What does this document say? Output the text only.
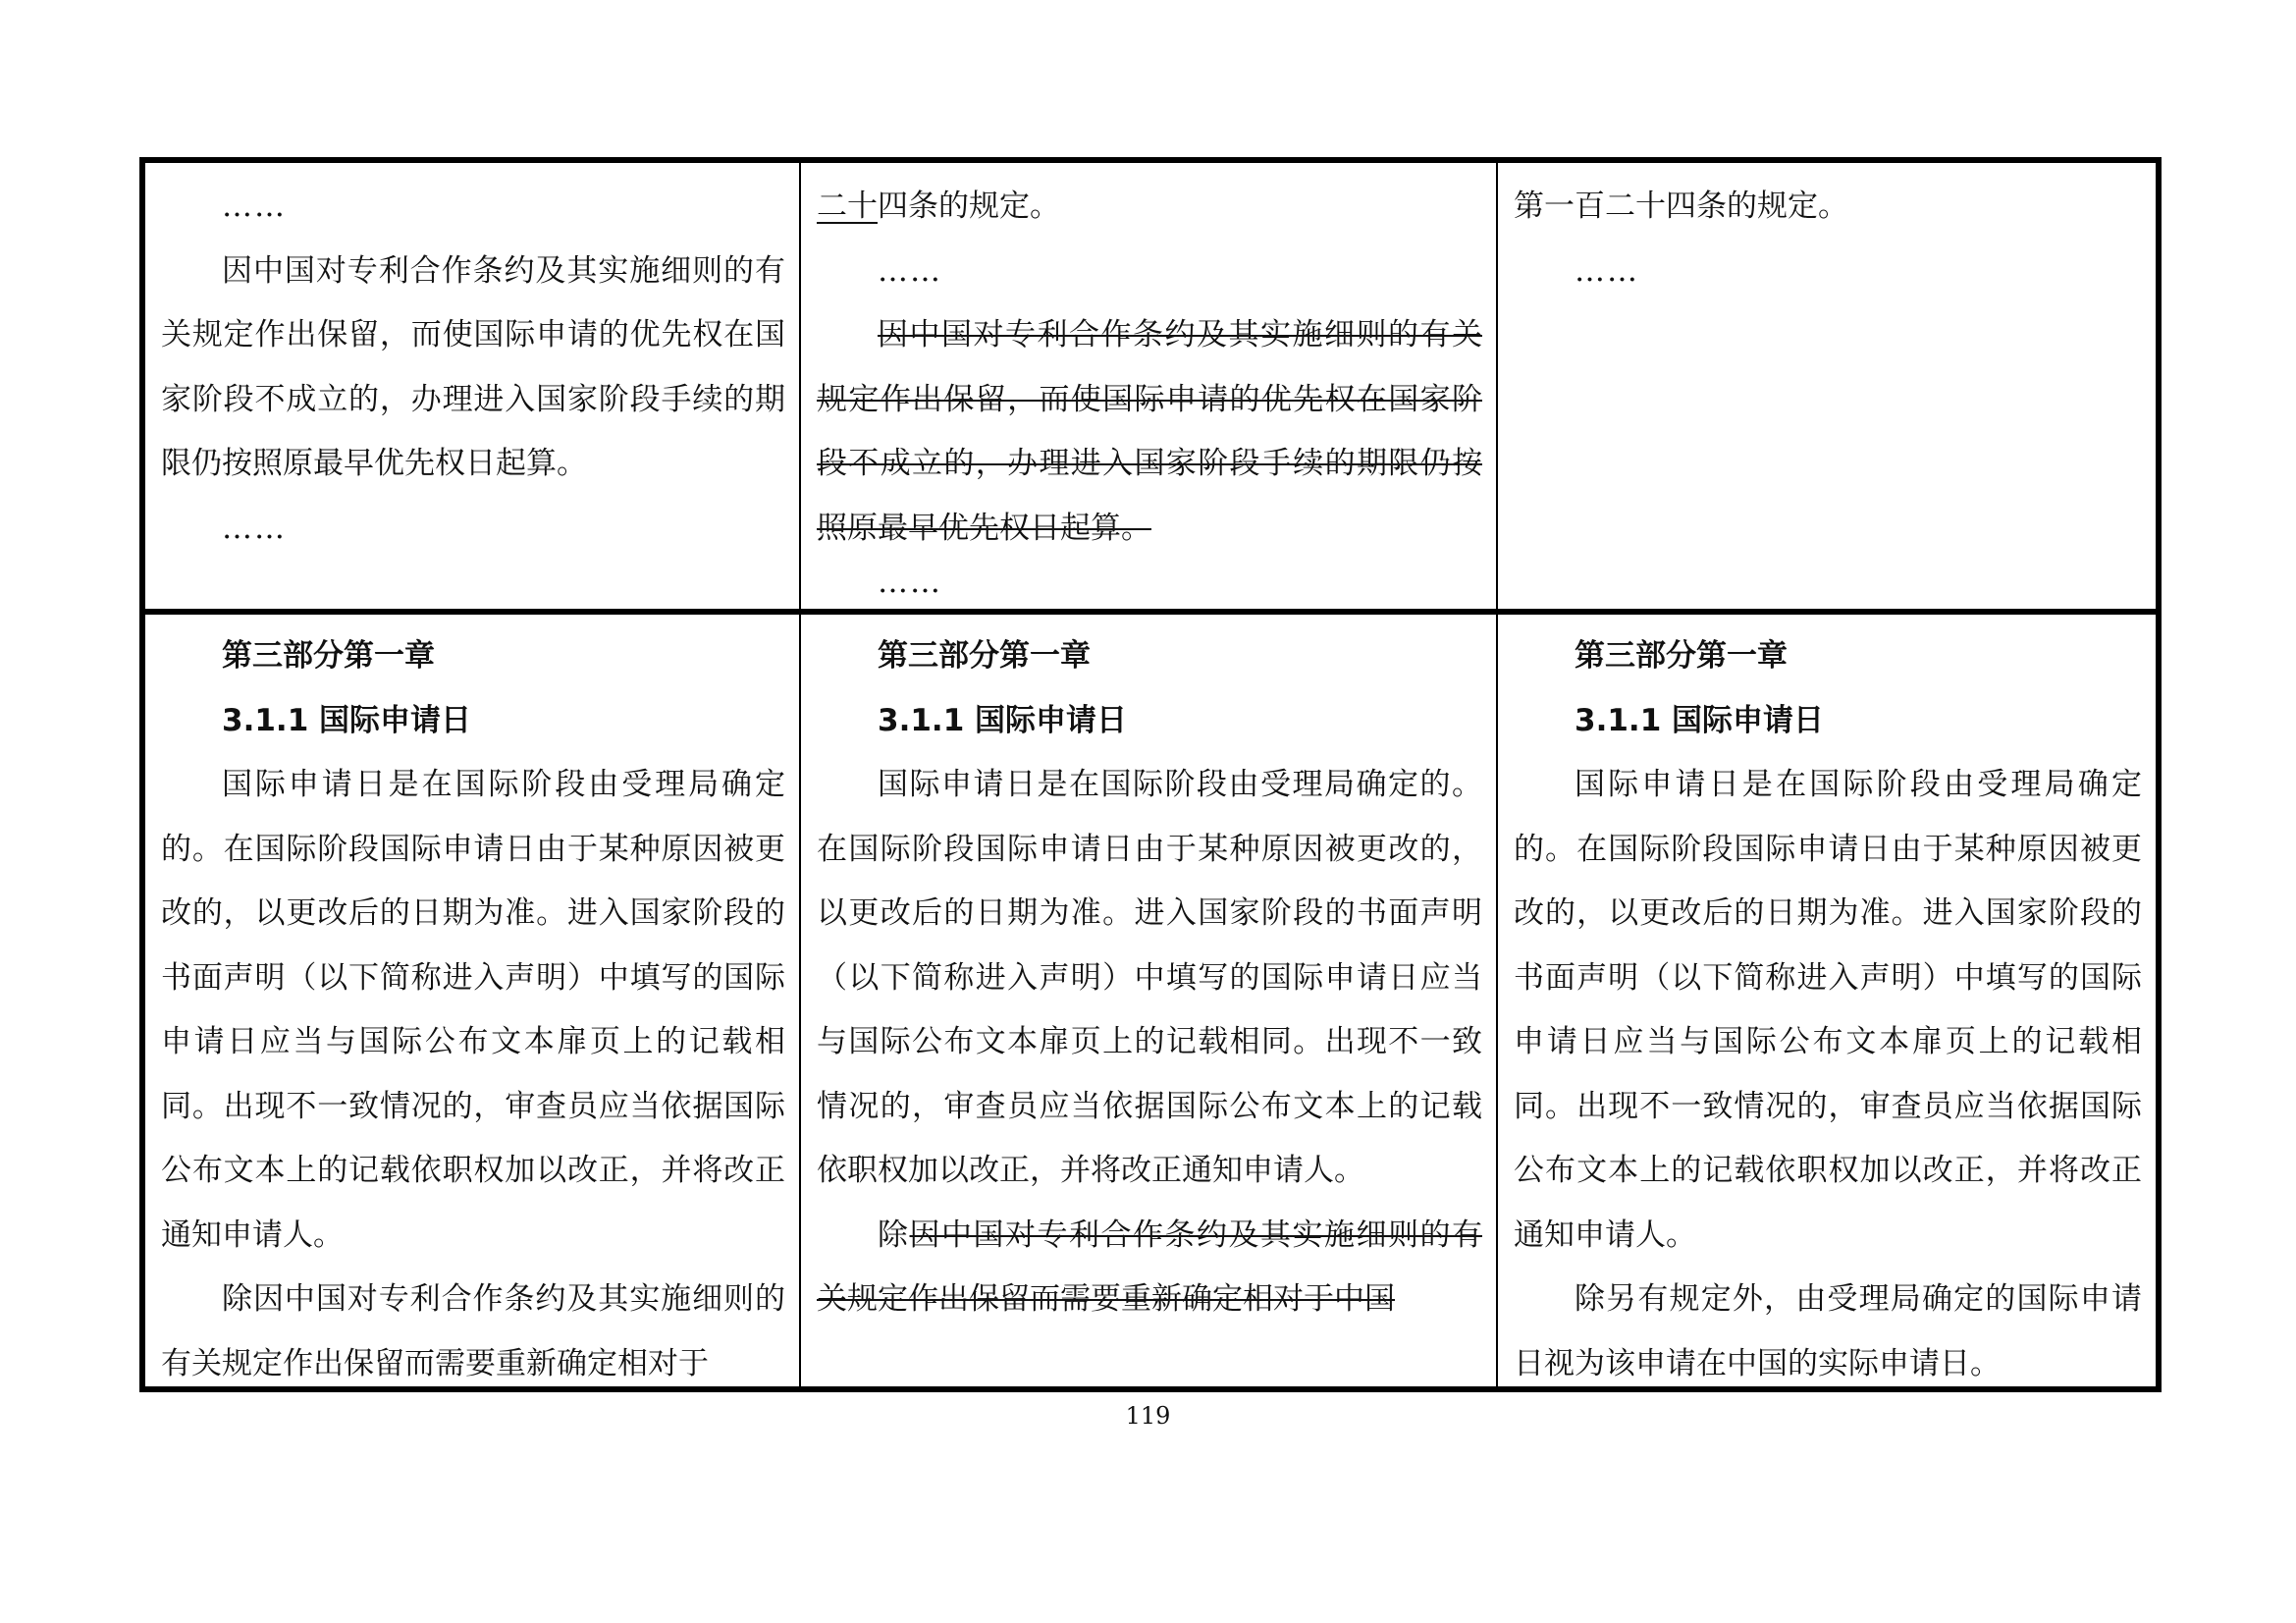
……

因中国对专利合作条约及其实施细则的有关规定作出保留，而使国际申请的优先权在国家阶段不成立的，办理进入国家阶段手续的期限仍按照原最早优先权日起算。

……

二十四条的规定。

……

因中国对专利合作条约及其实施细则的有关规定作出保留，而使国际申请的优先权在国家阶段不成立的，办理进入国家阶段手续的期限仍按照原最早优先权日起算。

……

第一百二十四条的规定。

……

第三部分第一章

3.1.1 国际申请日

国际申请日是在国际阶段由受理局确定的。在国际阶段国际申请日由于某种原因被更改的，以更改后的日期为准。进入国家阶段的书面声明（以下简称进入声明）中填写的国际申请日应当与国际公布文本扉页上的记载相同。出现不一致情况的，审查员应当依据国际公布文本上的记载依职权加以改正，并将改正通知申请人。

除因中国对专利合作条约及其实施细则的有关规定作出保留而需要重新确定相对于

第三部分第一章

3.1.1 国际申请日

国际申请日是在国际阶段由受理局确定的。在国际阶段国际申请日由于某种原因被更改的，以更改后的日期为准。进入国家阶段的书面声明（以下简称进入声明）中填写的国际申请日应当与国际公布文本扉页上的记载相同。出现不一致情况的，审查员应当依据国际公布文本上的记载依职权加以改正，并将改正通知申请人。

除因中国对专利合作条约及其实施细则的有关规定作出保留而需要重新确定相对于中国

第三部分第一章

3.1.1 国际申请日

国际申请日是在国际阶段由受理局确定的。在国际阶段国际申请日由于某种原因被更改的，以更改后的日期为准。进入国家阶段的书面声明（以下简称进入声明）中填写的国际申请日应当与国际公布文本扉页上的记载相同。出现不一致情况的，审查员应当依据国际公布文本上的记载依职权加以改正，并将改正通知申请人。

除另有规定外，由受理局确定的国际申请日视为该申请在中国的实际申请日。

119
